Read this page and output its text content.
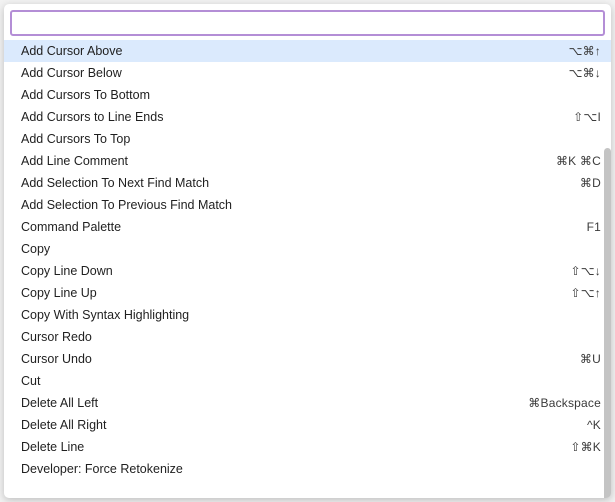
Add Cursor Above	⌥⌘↑
Add Cursor Below	⌥⌘↓
Add Cursors To Bottom
Add Cursors to Line Ends	⇧⌥I
Add Cursors To Top
Add Line Comment	⌘K ⌘C
Add Selection To Next Find Match	⌘D
Add Selection To Previous Find Match
Command Palette	F1
Copy
Copy Line Down	⇧⌥↓
Copy Line Up	⇧⌥↑
Copy With Syntax Highlighting
Cursor Redo
Cursor Undo	⌘U
Cut
Delete All Left	⌘Backspace
Delete All Right	^K
Delete Line	⇧⌘K
Developer: Force Retokenize
